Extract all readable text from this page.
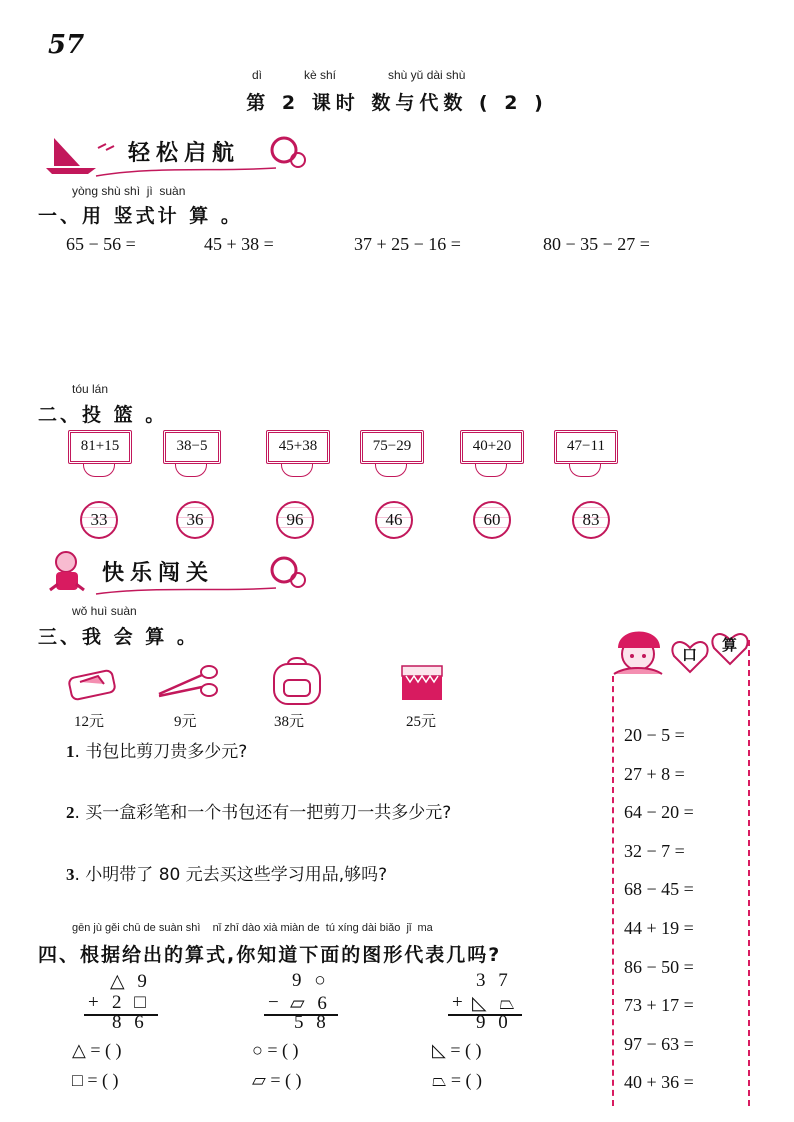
57
dì	kè shí	shù yǔ dài shù
第 2 课时 数与代数 ( 2 )
轻松启航
yòng shù shì  jì  suàn
一、用 竖式计 算 。
65 − 56 =	45 + 38 =	37 + 25 − 16 =	80 − 35 − 27 =
tóu lán
二、投 篮 。
81+15	38−5	45+38	75−29	40+20	47−11
33	36	96	46	60	83
快乐闯关
wǒ huì suàn
三、我 会 算 。
12元	9元	38元	25元
1. 书包比剪刀贵多少元?
2. 买一盒彩笔和一个书包还有一把剪刀一共多少元?
3. 小明带了 80 元去买这些学习用品,够吗?
gēn jù gěi chū de suàn shì    nǐ zhī dào xià miàn de  tú xíng dài biǎo  jǐ  ma
四、根据给出的算式,你知道下面的图形代表几吗?
△ 9
+ 2 □
8 6
△ = ( )
□ = ( )
9 ○
− ▱ 6
5 8
○ = ( )
▱ = ( )
3 7
+ ◺ ⏢
9 0
◺ = ( )
⏢ = ( )
口
算
20 − 5 =
27 + 8 =
64 − 20 =
32 − 7 =
68 − 45 =
44 + 19 =
86 − 50 =
73 + 17 =
97 − 63 =
40 + 36 =
